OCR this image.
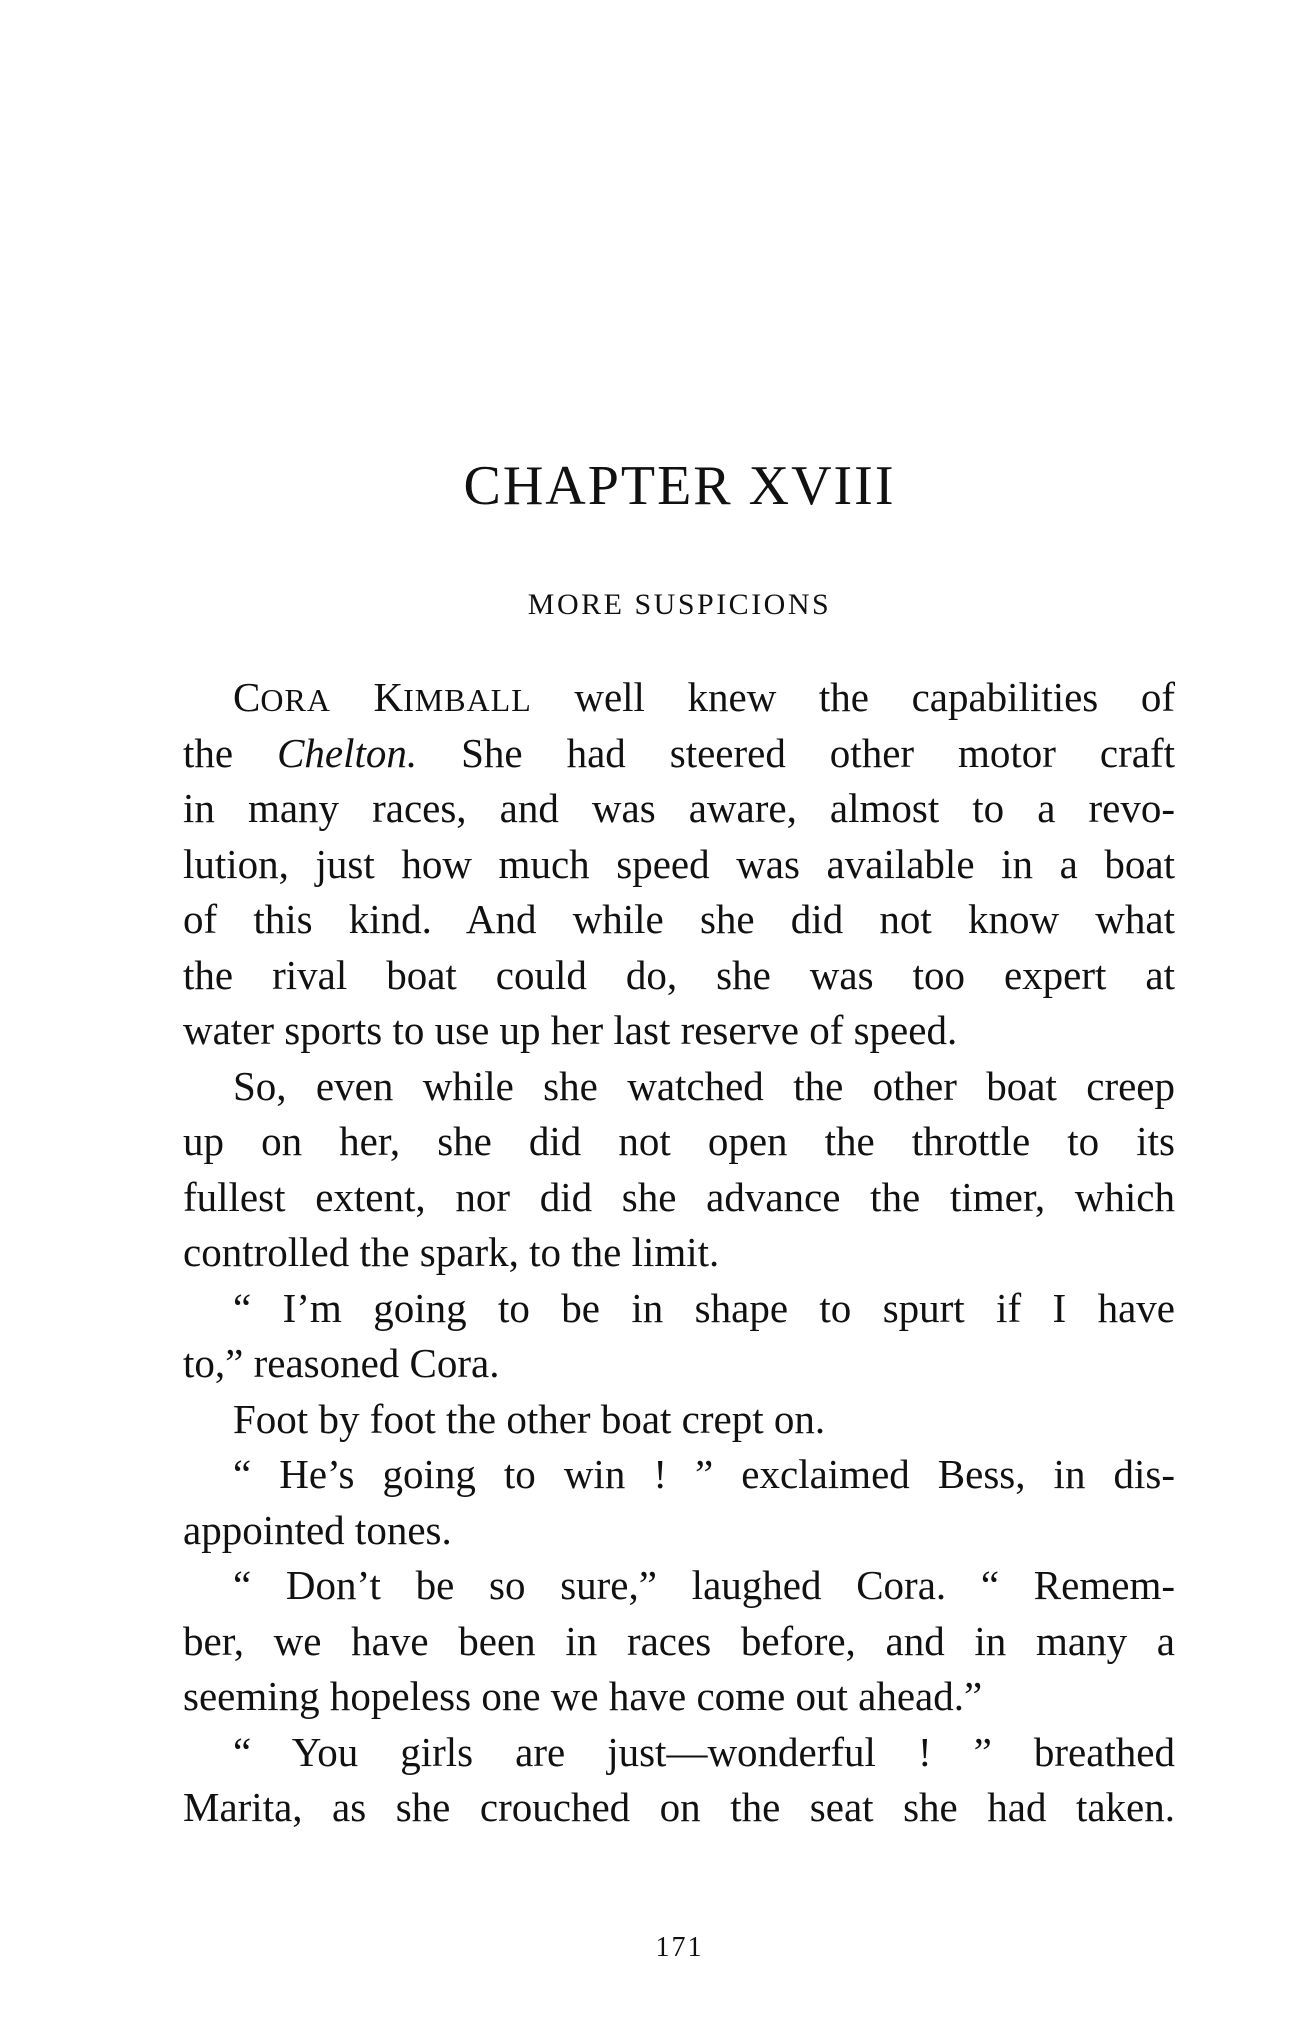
CHAPTER XVIII
MORE SUSPICIONS
CORA KIMBALL well knew the capabilities of
the Chelton. She had steered other motor craft
in many races, and was aware, almost to a revo-
lution, just how much speed was available in a boat
of this kind. And while she did not know what
the rival boat could do, she was too expert at
water sports to use up her last reserve of speed.
So, even while she watched the other boat creep
up on her, she did not open the throttle to its
fullest extent, nor did she advance the timer, which
controlled the spark, to the limit.
“ I’m going to be in shape to spurt if I have
to,” reasoned Cora.
Foot by foot the other boat crept on.
“ He’s going to win ! ” exclaimed Bess, in dis-
appointed tones.
“ Don’t be so sure,” laughed Cora. “ Remem-
ber, we have been in races before, and in many a
seeming hopeless one we have come out ahead.”
“ You girls are just—wonderful ! ” breathed
Marita, as she crouched on the seat she had taken.
171
